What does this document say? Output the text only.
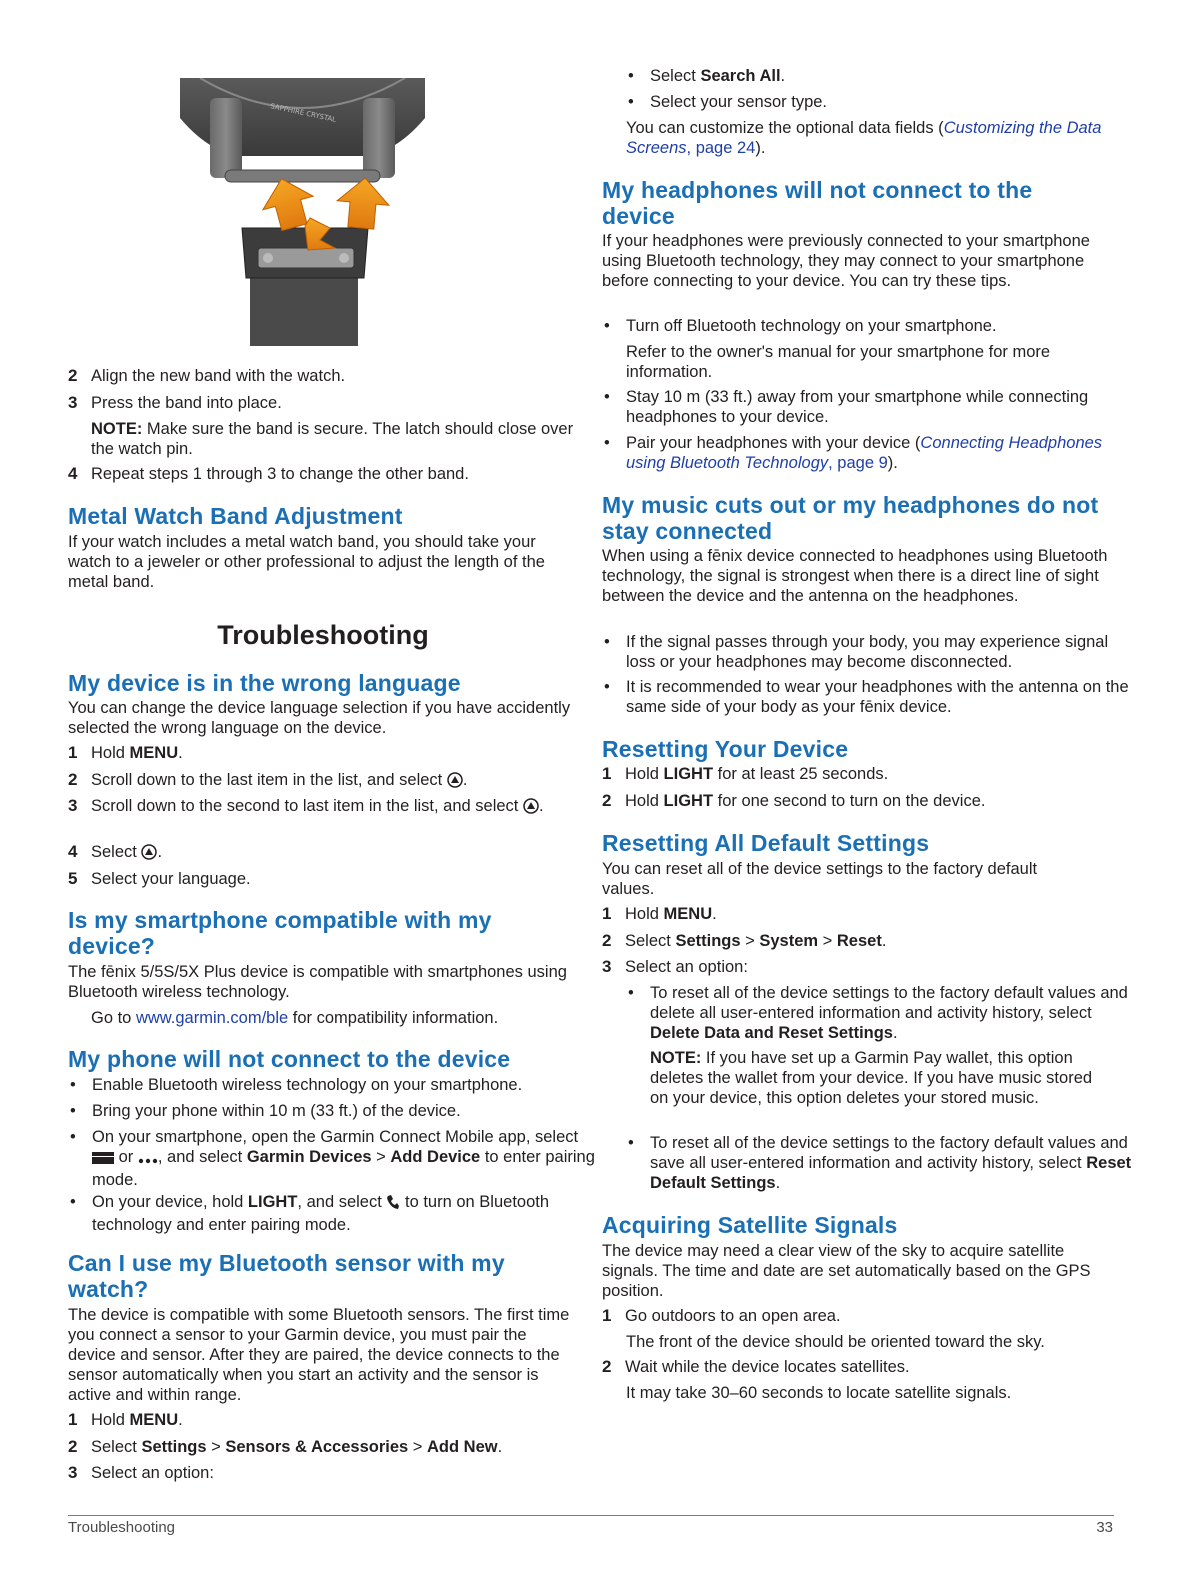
SAPPHIRE CRYSTAL
2 Align the new band with the watch.
3 Press the band into place.

NOTE: Make sure the band is secure. The latch should close over the watch pin.

4 Repeat steps 1 through 3 to change the other band.
Metal Watch Band Adjustment

If your watch includes a metal watch band, you should take your watch to a jeweler or other professional to adjust the length of the metal band.

Troubleshooting
My device is in the wrong language

You can change the device language selection if you have accidently selected the wrong language on the device.

1 Hold MENU.
2 Scroll down to the last item in the list, and select .
3 Scroll down to the second to last item in the list, and select .
4 Select .
5 Select your language.
Is my smartphone compatible with my device?

The fēnix 5/5S/5X Plus device is compatible with smartphones using Bluetooth wireless technology.

Go to www.garmin.com/ble for compatibility information.

My phone will not connect to the device
• Enable Bluetooth wireless technology on your smartphone.
• Bring your phone within 10 m (33 ft.) of the device.
• On your smartphone, open the Garmin Connect Mobile app, select  or , and select Garmin Devices > Add Device to enter pairing mode.
• On your device, hold LIGHT, and select  to turn on Bluetooth technology and enter pairing mode.
Can I use my Bluetooth sensor with my watch?

The device is compatible with some Bluetooth sensors. The first time you connect a sensor to your Garmin device, you must pair the device and sensor. After they are paired, the device connects to the sensor automatically when you start an activity and the sensor is active and within range.

1 Hold MENU.
2 Select Settings > Sensors & Accessories > Add New.
3 Select an option:
• Select Search All.
• Select your sensor type.

You can customize the optional data fields (Customizing the Data Screens, page 24).

My headphones will not connect to the device

If your headphones were previously connected to your smartphone using Bluetooth technology, they may connect to your smartphone before connecting to your device. You can try these tips.

• Turn off Bluetooth technology on your smartphone.

Refer to the owner's manual for your smartphone for more information.

• Stay 10 m (33 ft.) away from your smartphone while connecting headphones to your device.
• Pair your headphones with your device (Connecting Headphones using Bluetooth Technology, page 9).
My music cuts out or my headphones do not stay connected

When using a fēnix device connected to headphones using Bluetooth technology, the signal is strongest when there is a direct line of sight between the device and the antenna on the headphones.

• If the signal passes through your body, you may experience signal loss or your headphones may become disconnected.
• It is recommended to wear your headphones with the antenna on the same side of your body as your fēnix device.
Resetting Your Device
1 Hold LIGHT for at least 25 seconds.
2 Hold LIGHT for one second to turn on the device.
Resetting All Default Settings

You can reset all of the device settings to the factory default values.

1 Hold MENU.
2 Select Settings > System > Reset.
3 Select an option:
• To reset all of the device settings to the factory default values and delete all user-entered information and activity history, select Delete Data and Reset Settings.

NOTE: If you have set up a Garmin Pay wallet, this option deletes the wallet from your device. If you have music stored on your device, this option deletes your stored music.

• To reset all of the device settings to the factory default values and save all user-entered information and activity history, select Reset Default Settings.
Acquiring Satellite Signals

The device may need a clear view of the sky to acquire satellite signals. The time and date are set automatically based on the GPS position.

1 Go outdoors to an open area.

The front of the device should be oriented toward the sky.

2 Wait while the device locates satellites.

It may take 30–60 seconds to locate satellite signals.

Troubleshooting	33
